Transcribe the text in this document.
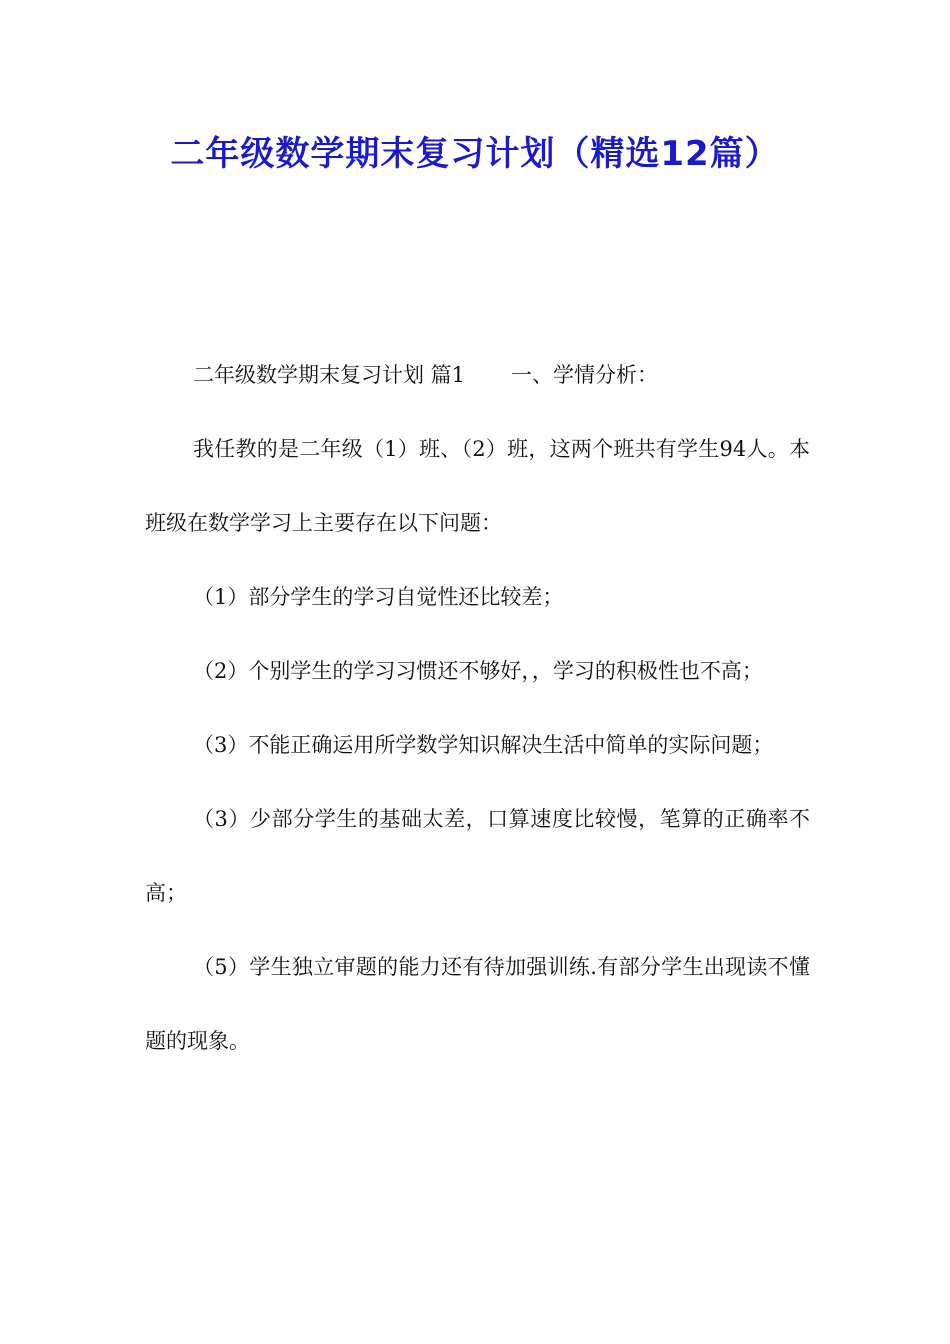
二年级数学期末复习计划（精选12篇）

二年级数学期末复习计划 篇1 一、学情分析：

我任教的是二年级（1）班、（2）班，这两个班共有学生94人。本班级在数学学习上主要存在以下问题：

（1）部分学生的学习自觉性还比较差；

（2）个别学生的学习习惯还不够好，，学习的积极性也不高；

（3）不能正确运用所学数学知识解决生活中简单的实际问题；

（3）少部分学生的基础太差，口算速度比较慢，笔算的正确率不高；

（5）学生独立审题的能力还有待加强训练.有部分学生出现读不懂题的现象。
